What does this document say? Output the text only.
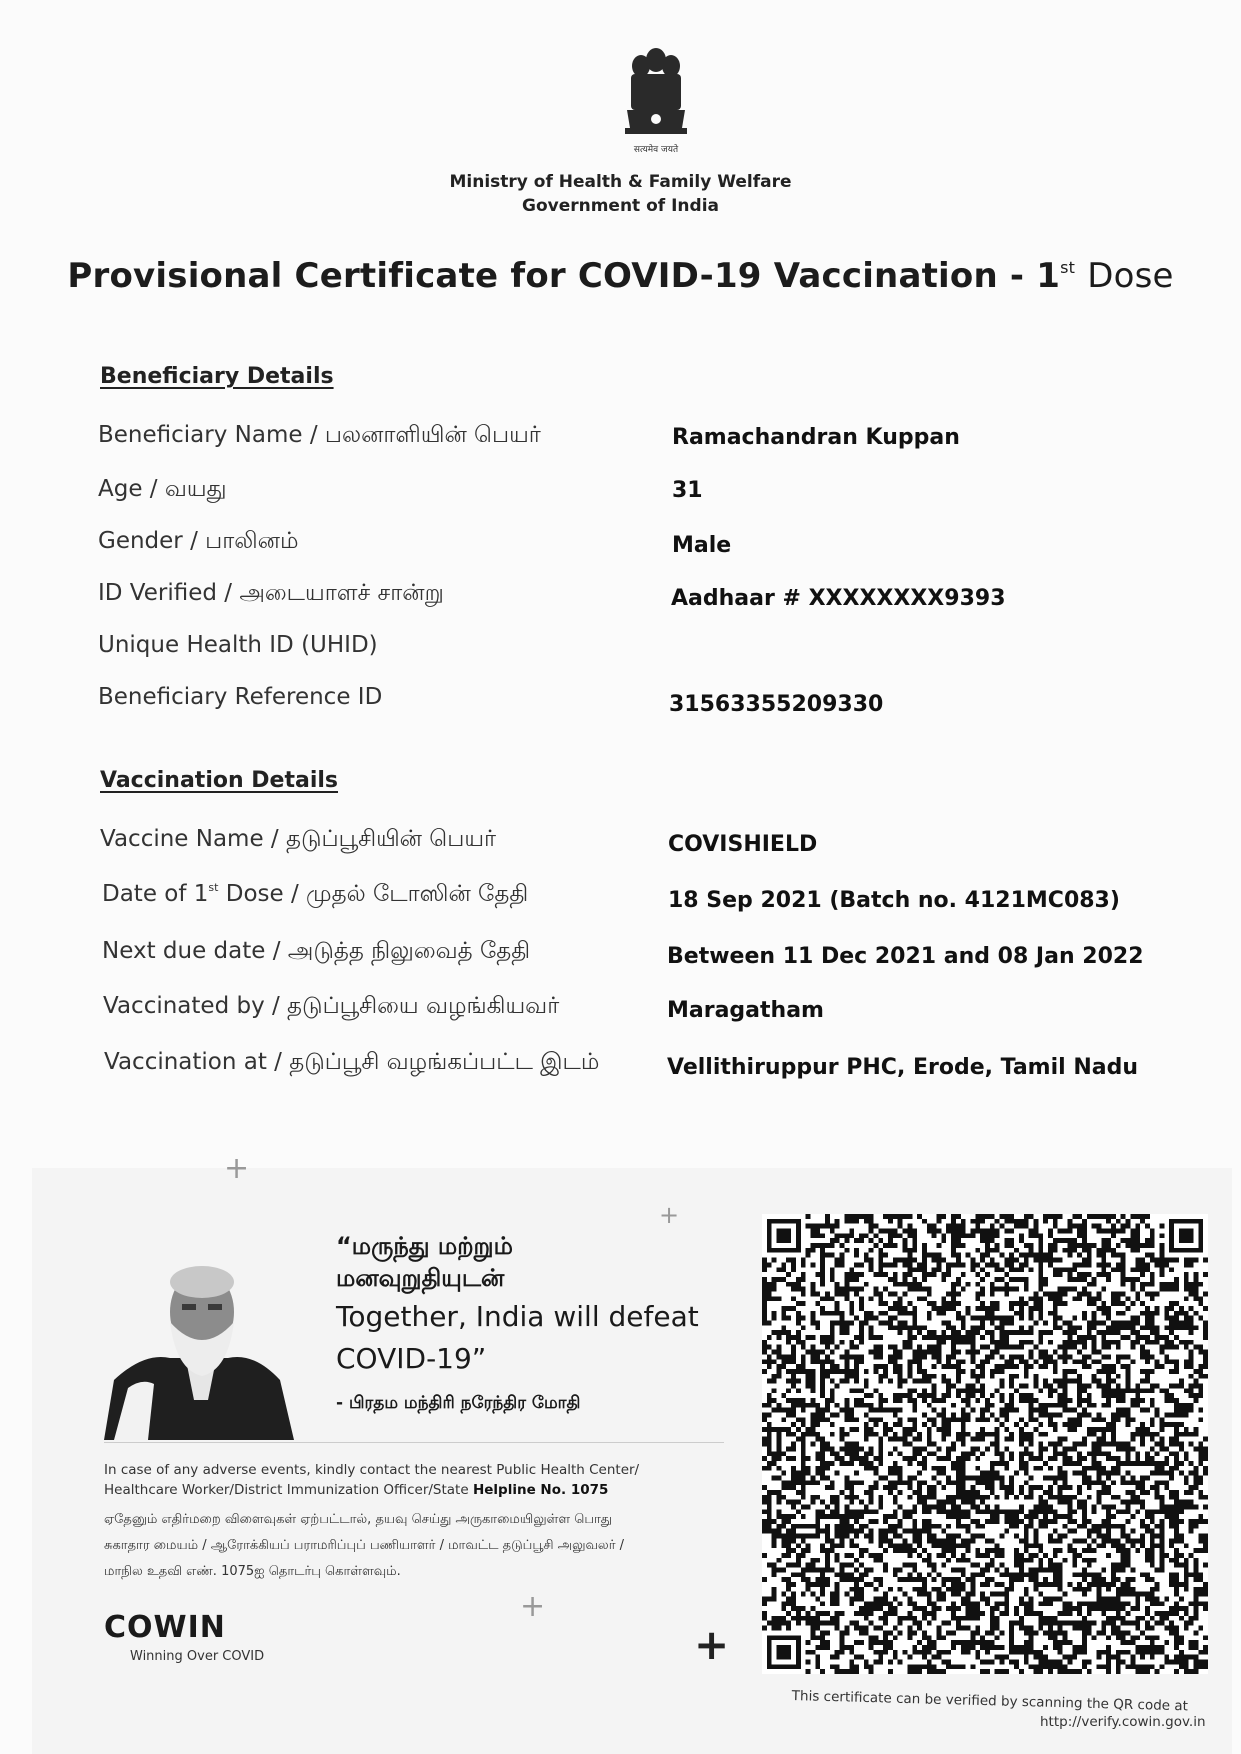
सत्यमेव जयते
Ministry of Health & Family Welfare
Government of India
Provisional Certificate for COVID-19 Vaccination - 1st Dose
Beneficiary Details
Beneficiary Name / பலனாளியின் பெயர்	Ramachandran Kuppan
Age / வயது	31
Gender / பாலினம்	Male
ID Verified / அடையாளச் சான்று	Aadhaar # XXXXXXXX9393
Unique Health ID (UHID)
Beneficiary Reference ID	31563355209330
Vaccination Details
Vaccine Name / தடுப்பூசியின் பெயர்	COVISHIELD
Date of 1st Dose / முதல் டோஸின் தேதி	18 Sep 2021 (Batch no. 4121MC083)
Next due date / அடுத்த நிலுவைத் தேதி	Between 11 Dec 2021 and 08 Jan 2022
Vaccinated by / தடுப்பூசியை வழங்கியவர்	Maragatham
Vaccination at / தடுப்பூசி வழங்கப்பட்ட இடம்	Vellithiruppur PHC, Erode, Tamil Nadu
+
+
+
+
“மருந்து மற்றும்
மனவுறுதியுடன்
Together, India will defeat
COVID-19”
- பிரதம மந்திரி நரேந்திர மோதி
In case of any adverse events, kindly contact the nearest Public Health Center/
Healthcare Worker/District Immunization Officer/State Helpline No. 1075
ஏதேனும் எதிர்மறை விளைவுகள் ஏற்பட்டால், தயவு செய்து அருகாமையிலுள்ள பொது
சுகாதார மையம் / ஆரோக்கியப் பராமரிப்புப் பணியாளர் / மாவட்ட தடுப்பூசி அலுவலர் /
மாநில உதவி எண். 1075ஐ தொடர்பு கொள்ளவும்.
COWIN
Winning Over COVID
This certificate can be verified by scanning the QR code at
http://verify.cowin.gov.in
